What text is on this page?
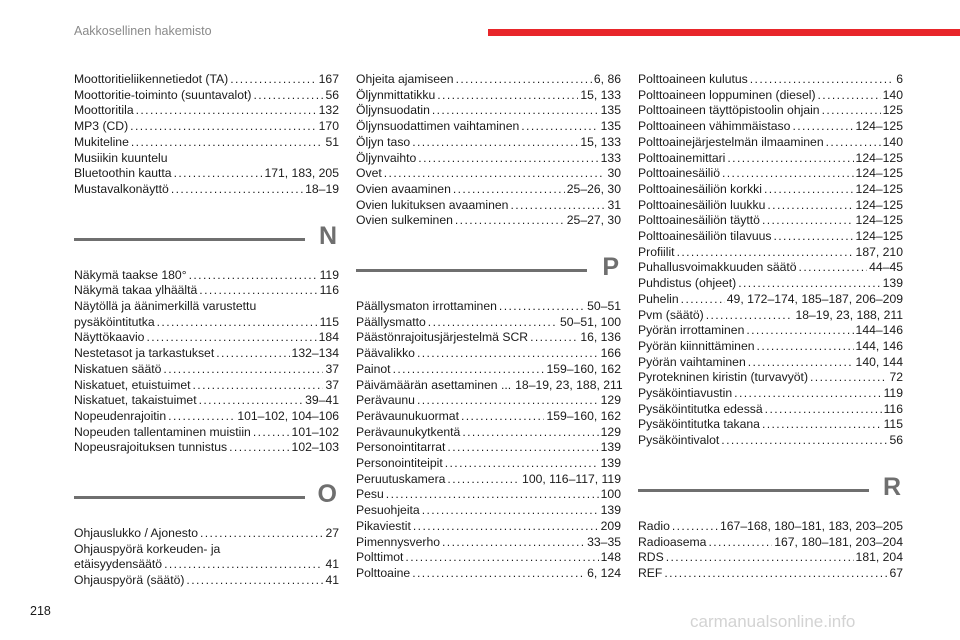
Aakkosellinen hakemisto
Moottoritieliikennetiedot (TA) .....	167
Moottoritie-toiminto (suuntavalot) .....	56
Moottoritila .....	132
MP3 (CD) .....	170
Mukiteline .....	51
Musiikin kuuntelu
Bluetoothin kautta .....	171, 183, 205
Mustavalkonäyttö .....	18–19
N
Näkymä taakse 180° .....	119
Näkymä takaa ylhäältä .....	116
Näytöllä ja äänimerkillä varustettu
pysäköintitutka .....	115
Näyttökaavio .....	184
Nestetasot ja tarkastukset .....	132–134
Niskatuen säätö .....	37
Niskatuet, etuistuimet .....	37
Niskatuet, takaistuimet .....	39–41
Nopeudenrajoitin .....	101–102, 104–106
Nopeuden tallentaminen muistiin .....	101–102
Nopeusrajoituksen tunnistus .....	102–103
O
Ohjauslukko / Ajonesto .....	27
Ohjauspyörä korkeuden- ja
etäisyydensäätö .....	41
Ohjauspyörä (säätö) .....	41
Ohjeita ajamiseen .....	6, 86
Öljynmittatikku .....	15, 133
Öljynsuodatin .....	135
Öljynsuodattimen vaihtaminen .....	135
Öljyn taso .....	15, 133
Öljynvaihto .....	133
Ovet .....	30
Ovien avaaminen .....	25–26, 30
Ovien lukituksen avaaminen .....	31
Ovien sulkeminen .....	25–27, 30
P
Päällysmaton irrottaminen .....	50–51
Päällysmatto .....	50–51, 100
Päästönrajoitusjärjestelmä SCR .....	16, 136
Päävalikko .....	166
Painot .....	159–160, 162
Päivämäärän asettaminen ... 18–19, 23, 188, 211
Perävaunu .....	129
Perävaunukuormat .....	159–160, 162
Perävaunukytkentä .....	129
Personointitarrat .....	139
Personointiteipit .....	139
Peruutuskamera .....	100, 116–117, 119
Pesu .....	100
Pesuohjeita .....	139
Pikaviestit .....	209
Pimennysverho .....	33–35
Polttimot .....	148
Polttoaine .....	6, 124
Polttoaineen kulutus .....	6
Polttoaineen loppuminen (diesel) .....	140
Polttoaineen täyttöpistoolin ohjain .....	125
Polttoaineen vähimmäistaso .....	124–125
Polttoainejärjestelmän ilmaaminen .....	140
Polttoainemittari .....	124–125
Polttoainesäiliö .....	124–125
Polttoainesäiliön korkki .....	124–125
Polttoainesäiliön luukku .....	124–125
Polttoainesäiliön täyttö .....	124–125
Polttoainesäiliön tilavuus .....	124–125
Profiilit .....	187, 210
Puhallusvoimakkuuden säätö .....	44–45
Puhdistus (ohjeet) .....	139
Puhelin .....	49, 172–174, 185–187, 206–209
Pvm (säätö) .....	18–19, 23, 188, 211
Pyörän irrottaminen .....	144–146
Pyörän kiinnittäminen .....	144, 146
Pyörän vaihtaminen .....	140, 144
Pyrotekninen kiristin (turvavyöt) .....	72
Pysäköintiavustin .....	119
Pysäköintitutka edessä .....	116
Pysäköintitutka takana .....	115
Pysäköintivalot .....	56
R
Radio .....	167–168, 180–181, 183, 203–205
Radioasema .....	167, 180–181, 203–204
RDS .....	181, 204
REF .....	67
218
carmanualsonline.info
